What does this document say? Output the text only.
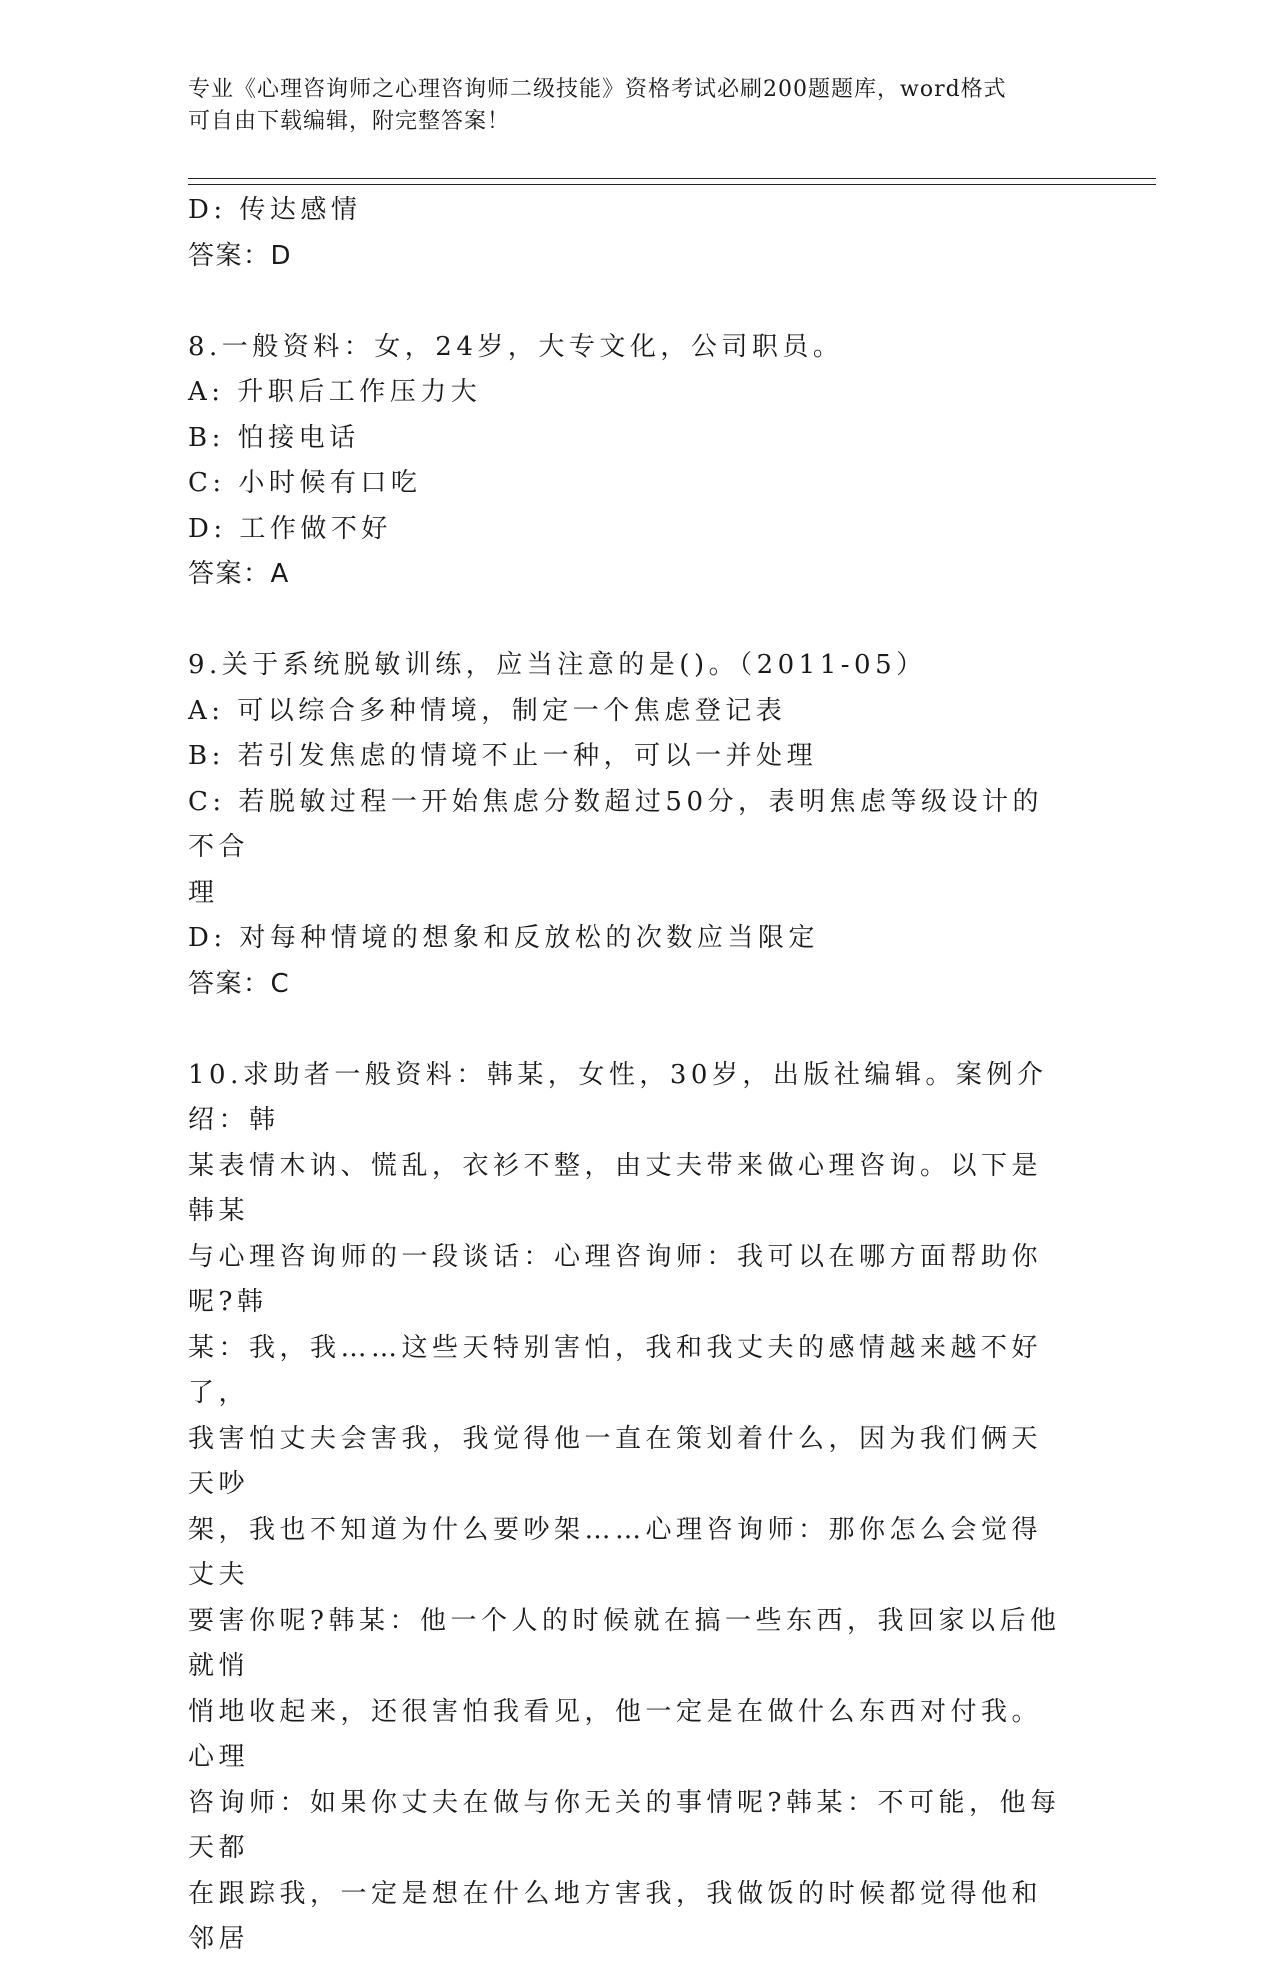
专业《心理咨询师之心理咨询师二级技能》资格考试必刷200题题库，word格式
可自由下载编辑，附完整答案！
D: 传达感情
答案：D
8.一般资料：女，24岁，大专文化，公司职员。
A: 升职后工作压力大
B: 怕接电话
C: 小时候有口吃
D: 工作做不好
答案：A
9.关于系统脱敏训练，应当注意的是()。（2011-05）
A: 可以综合多种情境，制定一个焦虑登记表
B: 若引发焦虑的情境不止一种，可以一并处理
C: 若脱敏过程一开始焦虑分数超过50分，表明焦虑等级设计的不合
理
D: 对每种情境的想象和反放松的次数应当限定
答案：C
10.求助者一般资料：韩某，女性，30岁，出版社编辑。案例介绍：韩
某表情木讷、慌乱，衣衫不整，由丈夫带来做心理咨询。以下是韩某
与心理咨询师的一段谈话：心理咨询师：我可以在哪方面帮助你呢?韩
某：我，我……这些天特别害怕，我和我丈夫的感情越来越不好了，
我害怕丈夫会害我，我觉得他一直在策划着什么，因为我们俩天天吵
架，我也不知道为什么要吵架……心理咨询师：那你怎么会觉得丈夫
要害你呢?韩某：他一个人的时候就在搞一些东西，我回家以后他就悄
悄地收起来，还很害怕我看见，他一定是在做什么东西对付我。心理
咨询师：如果你丈夫在做与你无关的事情呢?韩某：不可能，他每天都
在跟踪我，一定是想在什么地方害我，我做饭的时候都觉得他和邻居
